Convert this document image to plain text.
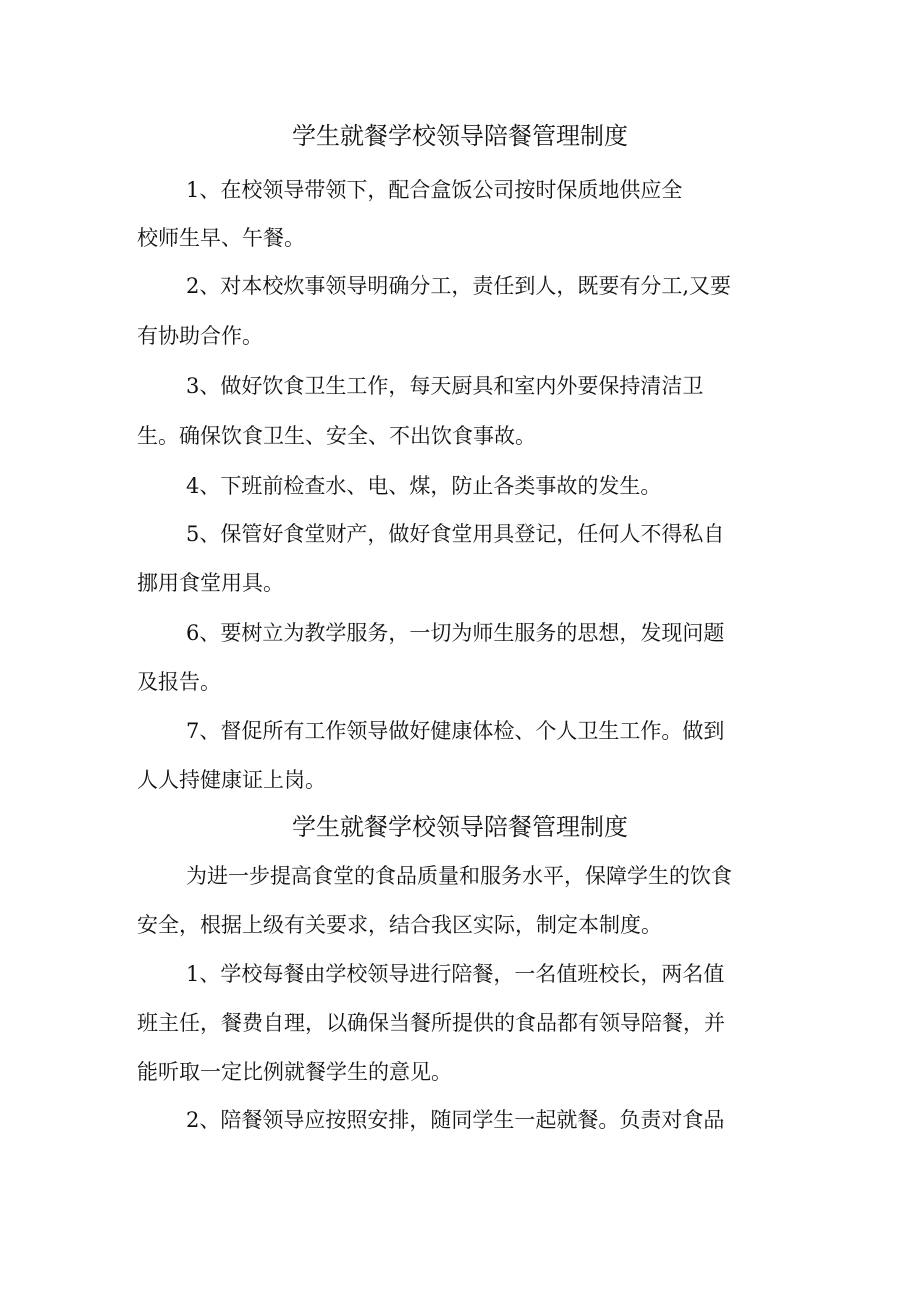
学生就餐学校领导陪餐管理制度

1、在校领导带领下，配合盒饭公司按时保质地供应全

校师生早、午餐。

2、对本校炊事领导明确分工，责任到人，既要有分工,又要

有协助合作。

3、做好饮食卫生工作，每天厨具和室内外要保持清洁卫

生。确保饮食卫生、安全、不出饮食事故。

4、下班前检查水、电、煤，防止各类事故的发生。

5、保管好食堂财产，做好食堂用具登记，任何人不得私自

挪用食堂用具。

6、要树立为教学服务，一切为师生服务的思想，发现问题

及报告。

7、督促所有工作领导做好健康体检、个人卫生工作。做到

人人持健康证上岗。

学生就餐学校领导陪餐管理制度

为进一步提高食堂的食品质量和服务水平，保障学生的饮食

安全，根据上级有关要求，结合我区实际，制定本制度。

1、学校每餐由学校领导进行陪餐，一名值班校长，两名值

班主任，餐费自理，以确保当餐所提供的食品都有领导陪餐，并

能听取一定比例就餐学生的意见。

2、陪餐领导应按照安排，随同学生一起就餐。负责对食品
